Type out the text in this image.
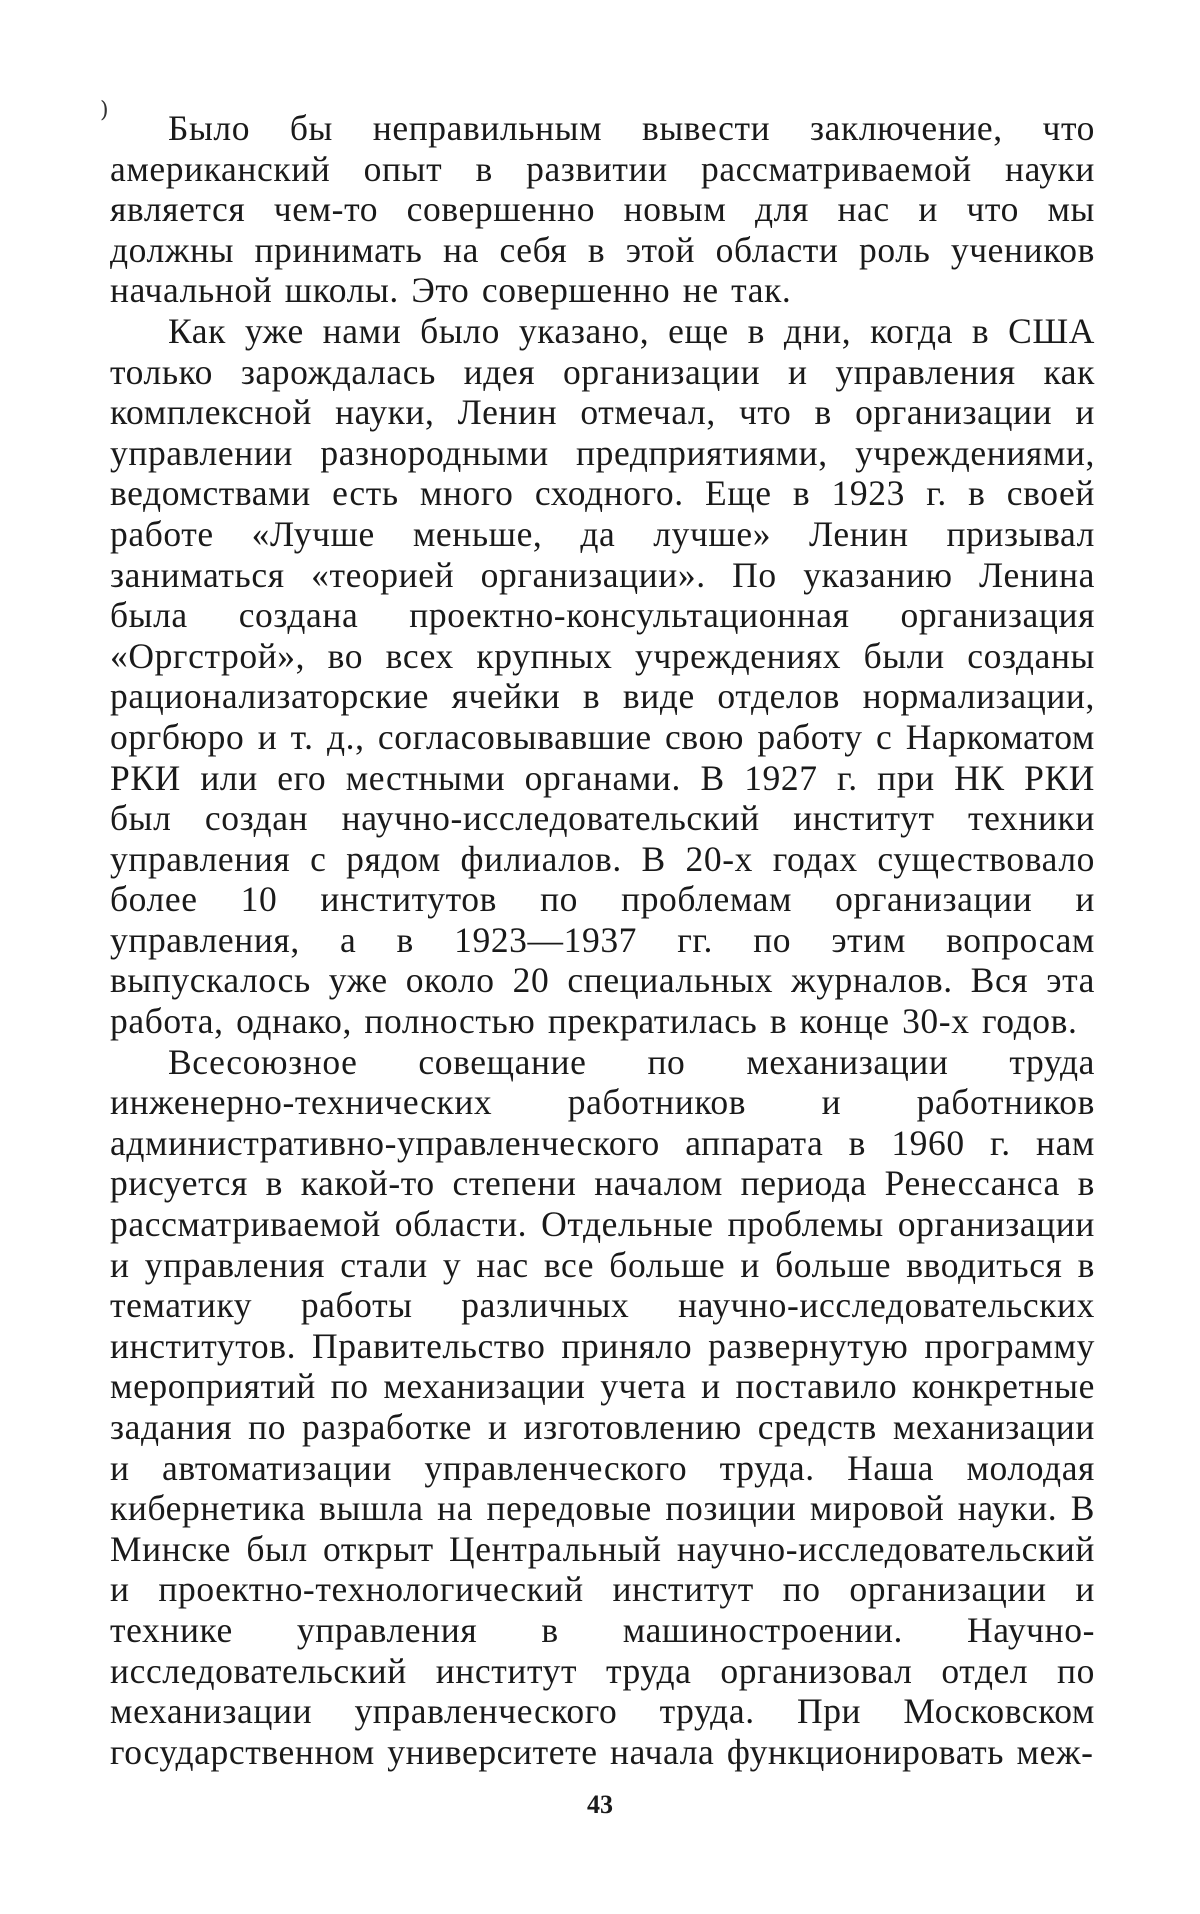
)	Было бы неправильным вывести заключение, что американский опыт в развитии рассматриваемой науки является чем-то совершенно новым для нас и что мы должны принимать на себя в этой области роль учеников начальной школы. Это совершенно не так.

Как уже нами было указано, еще в дни, когда в США только зарождалась идея организации и управления как комплексной науки, Ленин отмечал, что в организации и управлении разнородными предприятиями, учреждениями, ведомствами есть много сходного. Еще в 1923 г. в своей работе «Лучше меньше, да лучше» Ленин призывал заниматься «теорией организации». По указанию Ленина была создана проектно-консультационная организация «Оргстрой», во всех крупных учреждениях были созданы рационализаторские ячейки в виде отделов нормализации, оргбюро и т. д., согласовывавшие свою работу с Наркоматом РКИ или его местными органами. В 1927 г. при НК РКИ был создан научно-исследовательский институт техники управления с рядом филиалов. В 20-х годах существовало более 10 институтов по проблемам организации и управления, а в 1923—1937 гг. по этим вопросам выпускалось уже около 20 специальных журналов. Вся эта работа, однако, полностью прекратилась в конце 30-х годов.

Всесоюзное совещание по механизации труда инженерно-технических работников и работников административно-управленческого аппарата в 1960 г. нам рисуется в какой-то степени началом периода Ренессанса в рассматриваемой области. Отдельные проблемы организации и управления стали у нас все больше и больше вводиться в тематику работы различных научно-исследовательских институтов. Правительство приняло развернутую программу мероприятий по механизации учета и поставило конкретные задания по разработке и изготовлению средств механизации и автоматизации управленческого труда. Наша молодая кибернетика вышла на передовые позиции мировой науки. В Минске был открыт Центральный научно-исследовательский и проектно-технологический институт по организации и технике управления в машиностроении. Научно-исследовательский институт труда организовал отдел по механизации управленческого труда. При Московском государственном университете начала функционировать меж-

43
